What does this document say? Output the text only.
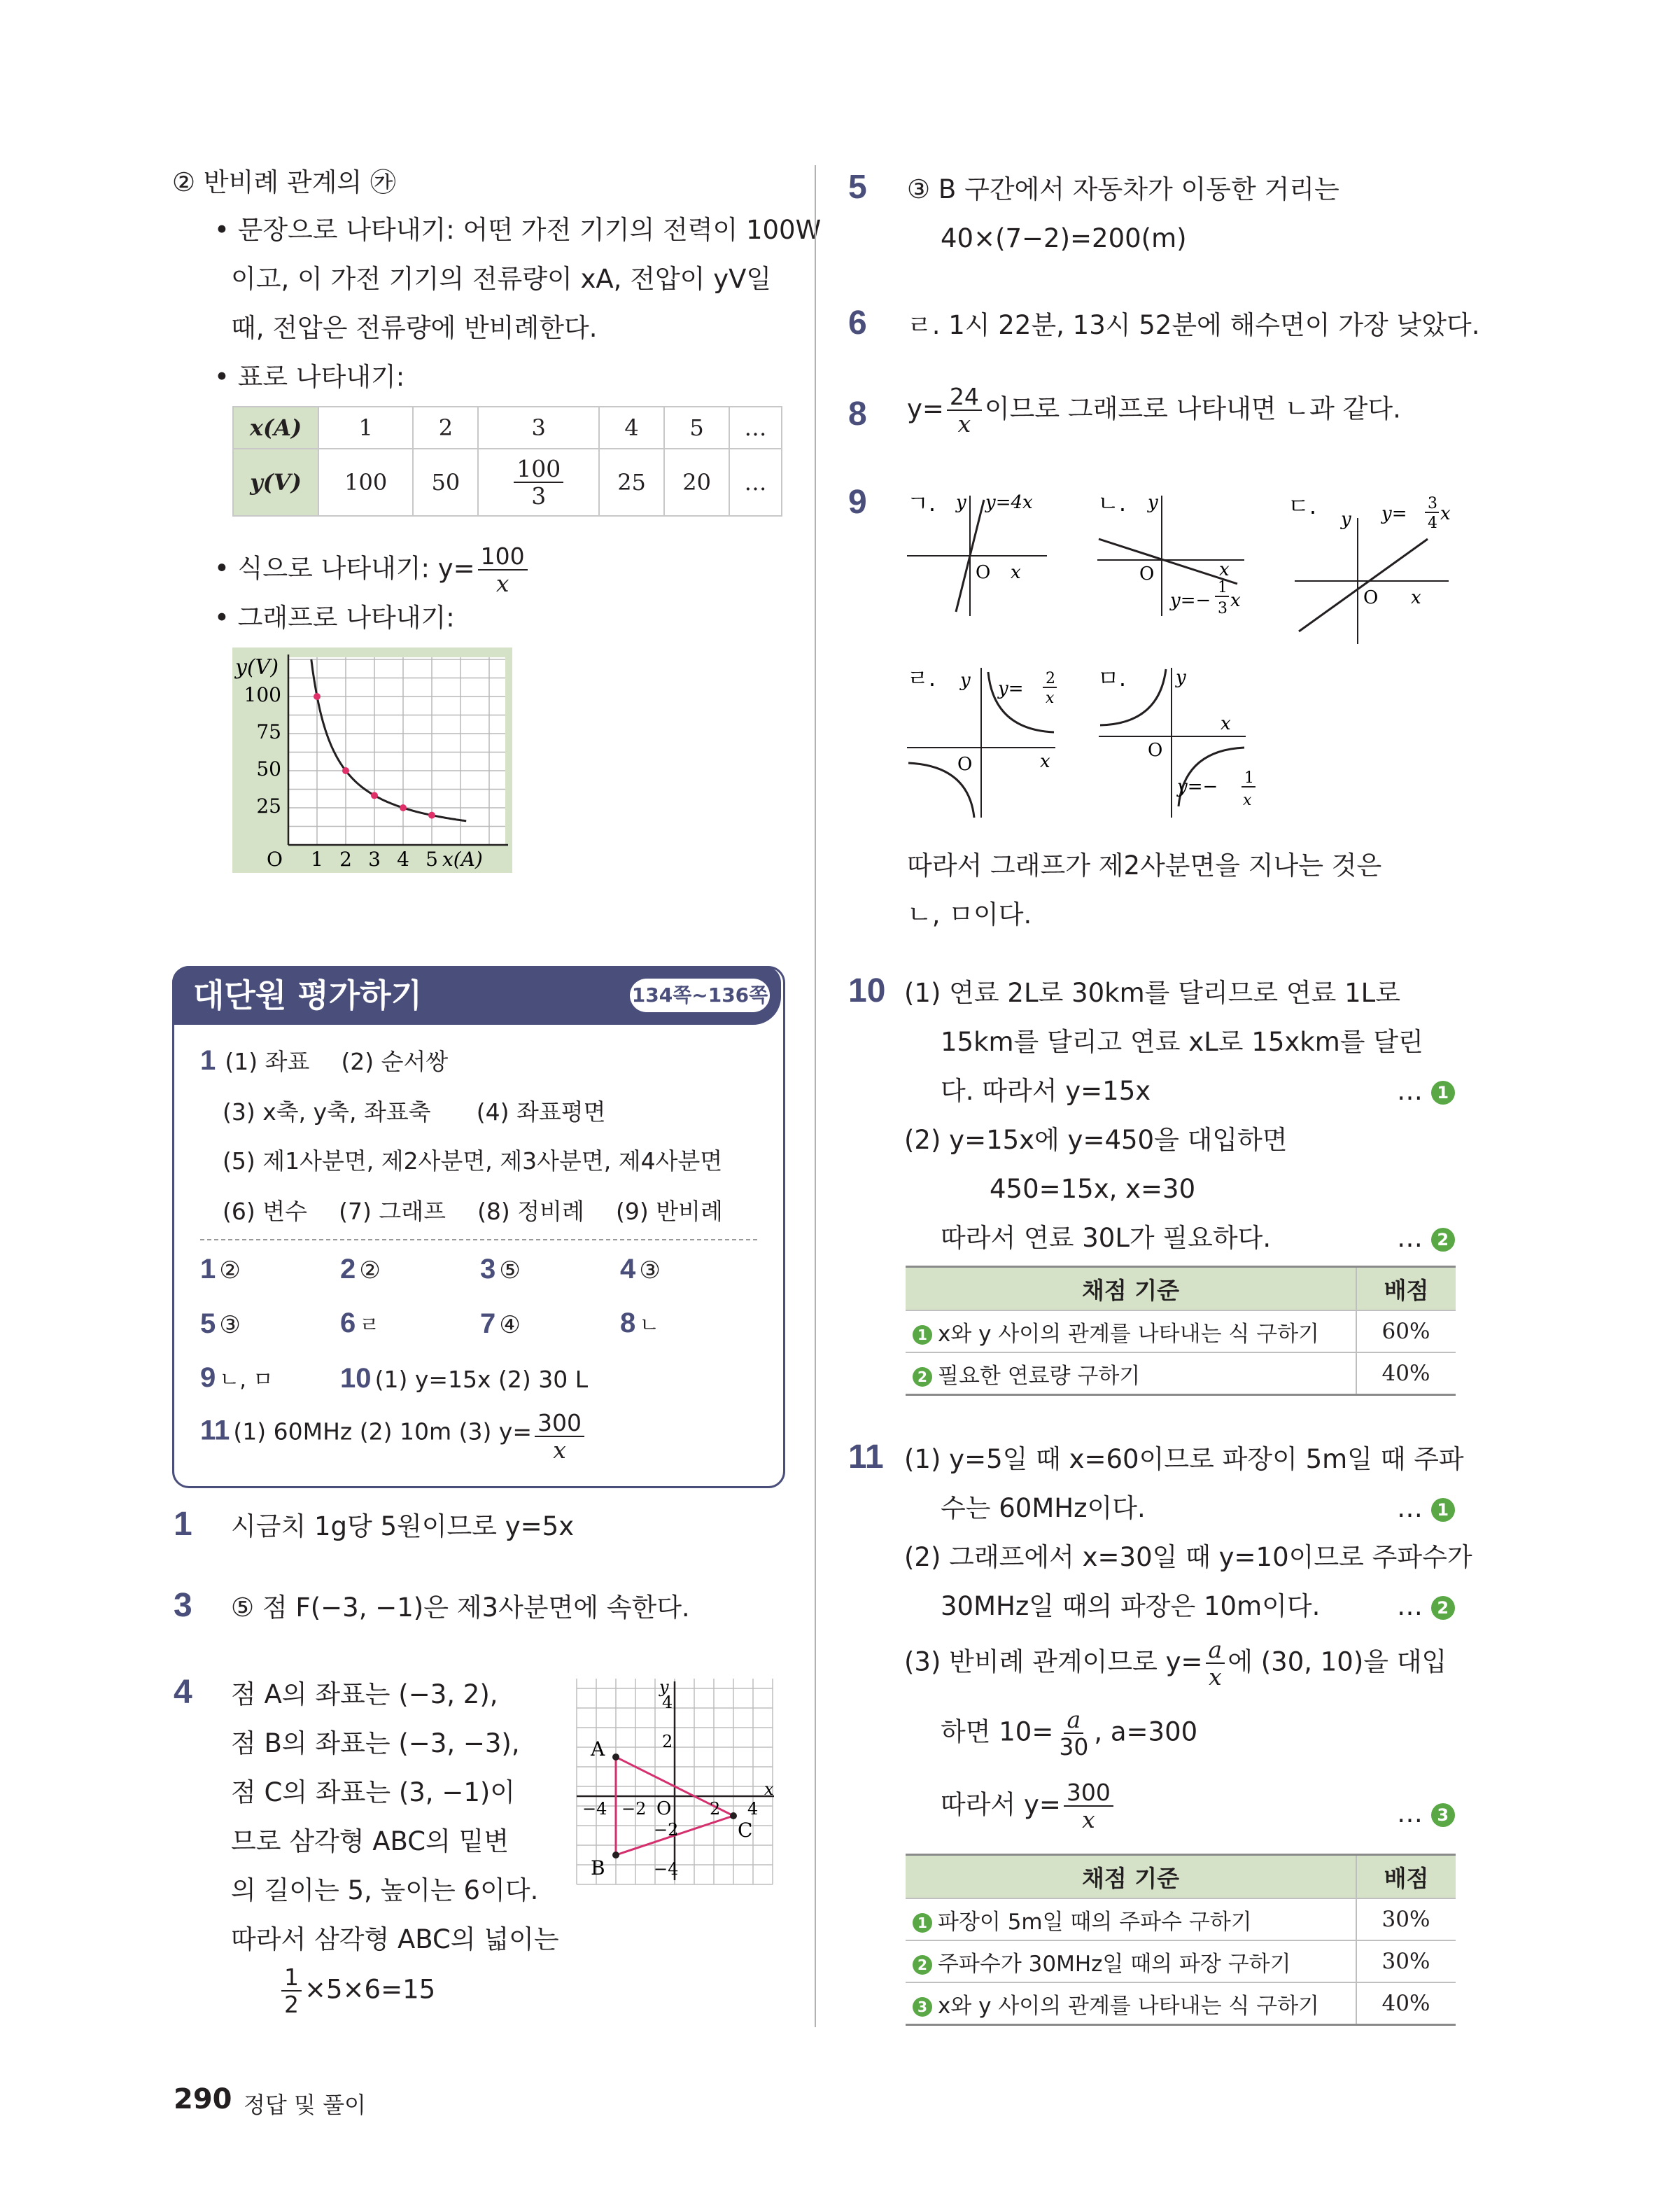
② 반비례 관계의 ㉮
• 문장으로 나타내기: 어떤 가전 기기의 전력이 100W
이고, 이 가전 기기의 전류량이 xA, 전압이 yV일
때, 전압은 전류량에 반비례한다.
• 표로 나타내기:
x(A)	1	2	3	4	5	…
y(V)	100	50	$\frac{100}{3}$	25	20	…
• 식으로 나타내기: $y= \frac{100}{x}$
• 그래프로 나타내기:
y(V)
100
75
50
25
O 1 2 3 4 5 x(A)
대단원 평가하기	134쪽~136쪽
1 (1) 좌표 (2) 순서쌍
(3) x축, y축, 좌표축 (4) 좌표평면
(5) 제1사분면, 제2사분면, 제3사분면, 제4사분면
(6) 변수 (7) 그래프 (8) 정비례 (9) 반비례
1 ②	2 ②	3 ⑤	4 ③
5 ③	6 ㄹ	7 ④	8 ㄴ
9 ㄴ, ㅁ 10 (1) y=15x (2) 30 L
11 (1) 60MHz (2) 10m (3) $y= \frac{300}{x}$
1 시금치 1g당 5원이므로 y=5x
3 ⑤ 점 F(−3, −1)은 제3사분면에 속한다.
4 점 A의 좌표는 (−3, 2),
점 B의 좌표는 (−3, −3),
점 C의 좌표는 (3, −1)이
므로 삼각형 ABC의 밑변
의 길이는 5, 높이는 6이다.
따라서 삼각형 ABC의 넓이는
$\frac{1}{2} \times 5\times 6=15$
A
B
C
O
y
x
4
2
−2
−4
−4 −2	2 4
5 ③ B 구간에서 자동차가 이동한 거리는
40×(7−2)=200(m)
6 ㄹ. 1시 22분, 13시 52분에 해수면이 가장 낮았다.
8 $y= \frac{24}{x}$ 이므로 그래프로 나타내면 ㄴ과 같다.
9 ㄱ. y y=4x
O x
ㄴ. y
O	x
y=−
1
3 x
ㄷ. y y= 3
4 x
O x
ㄹ. y y= 2
x
O	x
ㅁ.	y
x
O
y=− 1
x
따라서 그래프가 제2사분면을 지나는 것은
ㄴ, ㅁ이다.
10 (1) 연료 2L로 30km를 달리므로 연료 1L로
15km를 달리고 연료 xL로 15xkm를 달린
다. 따라서 y=15x	… 1
(2) y=15x에 y=450을 대입하면
450=15x, x=30
따라서 연료 30L가 필요하다.	… 2
채점 기준	배점
1 x와 y 사이의 관계를 나타내는 식 구하기	60%
2 필요한 연료량 구하기	40%
11 (1) y=5일 때 x=60이므로 파장이 5m일 때 주파
수는 60MHz이다.	… 1
(2) 그래프에서 x=30일 때 y=10이므로 주파수가
30MHz일 때의 파장은 10m이다.	… 2
(3) 반비례 관계이므로 $y= \frac{a}{x}$ 에 (30, 10)을 대입
하면 $10= \frac{a}{30}$ , a=300
따라서 $y= \frac{300}{x}$	… 3
채점 기준	배점
1 파장이 5m일 때의 주파수 구하기	30%
2 주파수가 30MHz일 때의 파장 구하기	30%
3 x와 y 사이의 관계를 나타내는 식 구하기	40%
290 정답 및 풀이
